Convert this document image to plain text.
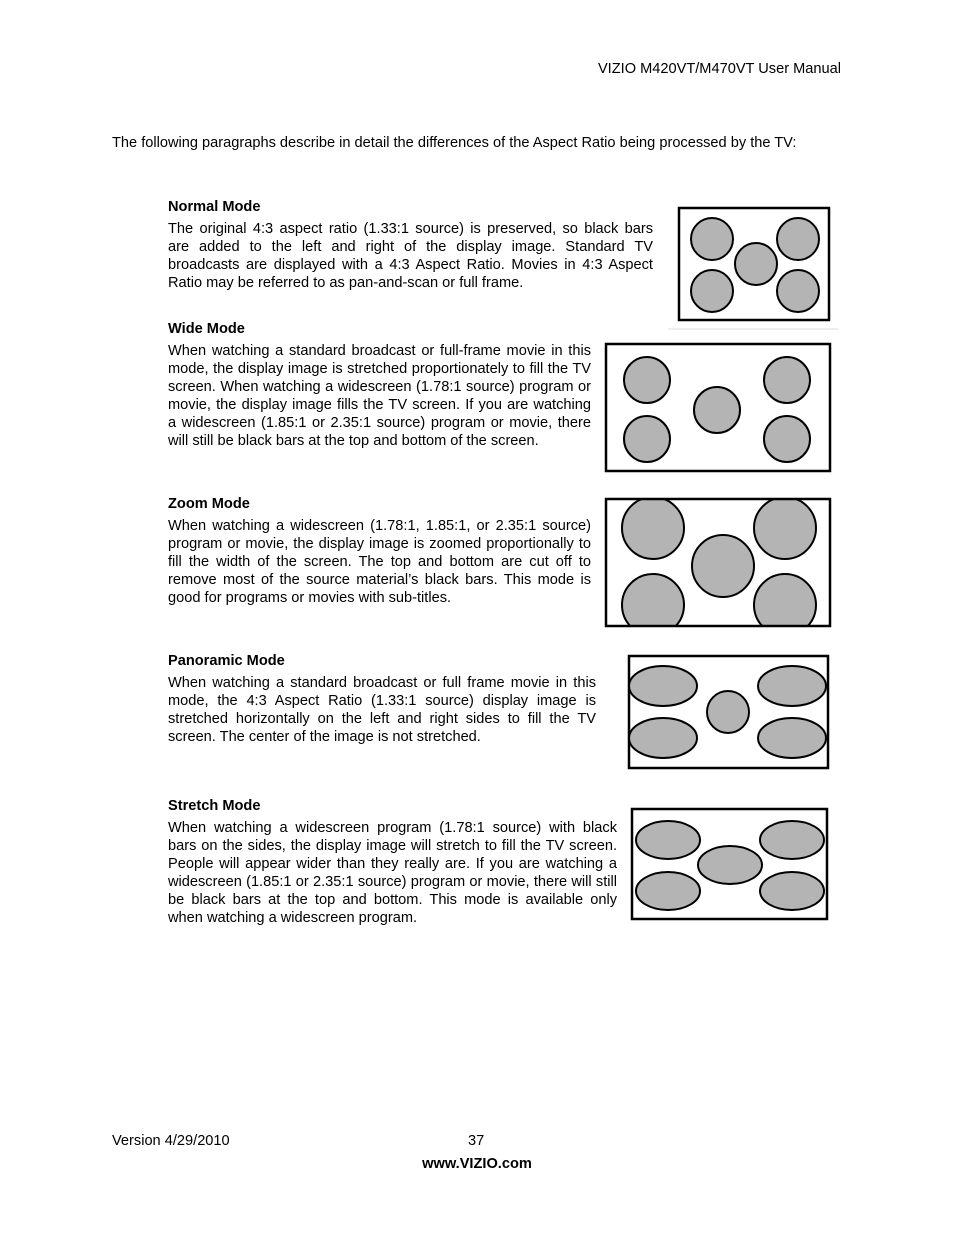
VIZIO M420VT/M470VT User Manual

The following paragraphs describe in detail the differences of the Aspect Ratio being processed by the TV:

Normal Mode

The original 4:3 aspect ratio (1.33:1 source) is preserved, so black bars are added to the left and right of the display image. Standard TV broadcasts are displayed with a 4:3 Aspect Ratio. Movies in 4:3 Aspect Ratio may be referred to as pan-and-scan or full frame.

Wide Mode

When watching a standard broadcast or full-frame movie in this mode, the display image is stretched proportionately to fill the TV screen. When watching a widescreen (1.78:1 source) program or movie, the display image fills the TV screen. If you are watching a widescreen (1.85:1 or 2.35:1 source) program or movie, there will still be black bars at the top and bottom of the screen.

Zoom Mode

When watching a widescreen (1.78:1, 1.85:1, or 2.35:1 source) program or movie, the display image is zoomed proportionally to fill the width of the screen. The top and bottom are cut off to remove most of the source material’s black bars. This mode is good for programs or movies with sub-titles.

Panoramic Mode

When watching a standard broadcast or full frame movie in this mode, the 4:3 Aspect Ratio (1.33:1 source) display image is stretched horizontally on the left and right sides to fill the TV screen. The center of the image is not stretched.

Stretch Mode

When watching a widescreen program (1.78:1 source) with black bars on the sides, the display image will stretch to fill the TV screen. People will appear wider than they really are. If you are watching a widescreen (1.85:1 or 2.35:1 source) program or movie, there will still be black bars at the top and bottom. This mode is available only when watching a widescreen program.

Version 4/29/2010	37
www.VIZIO.com
